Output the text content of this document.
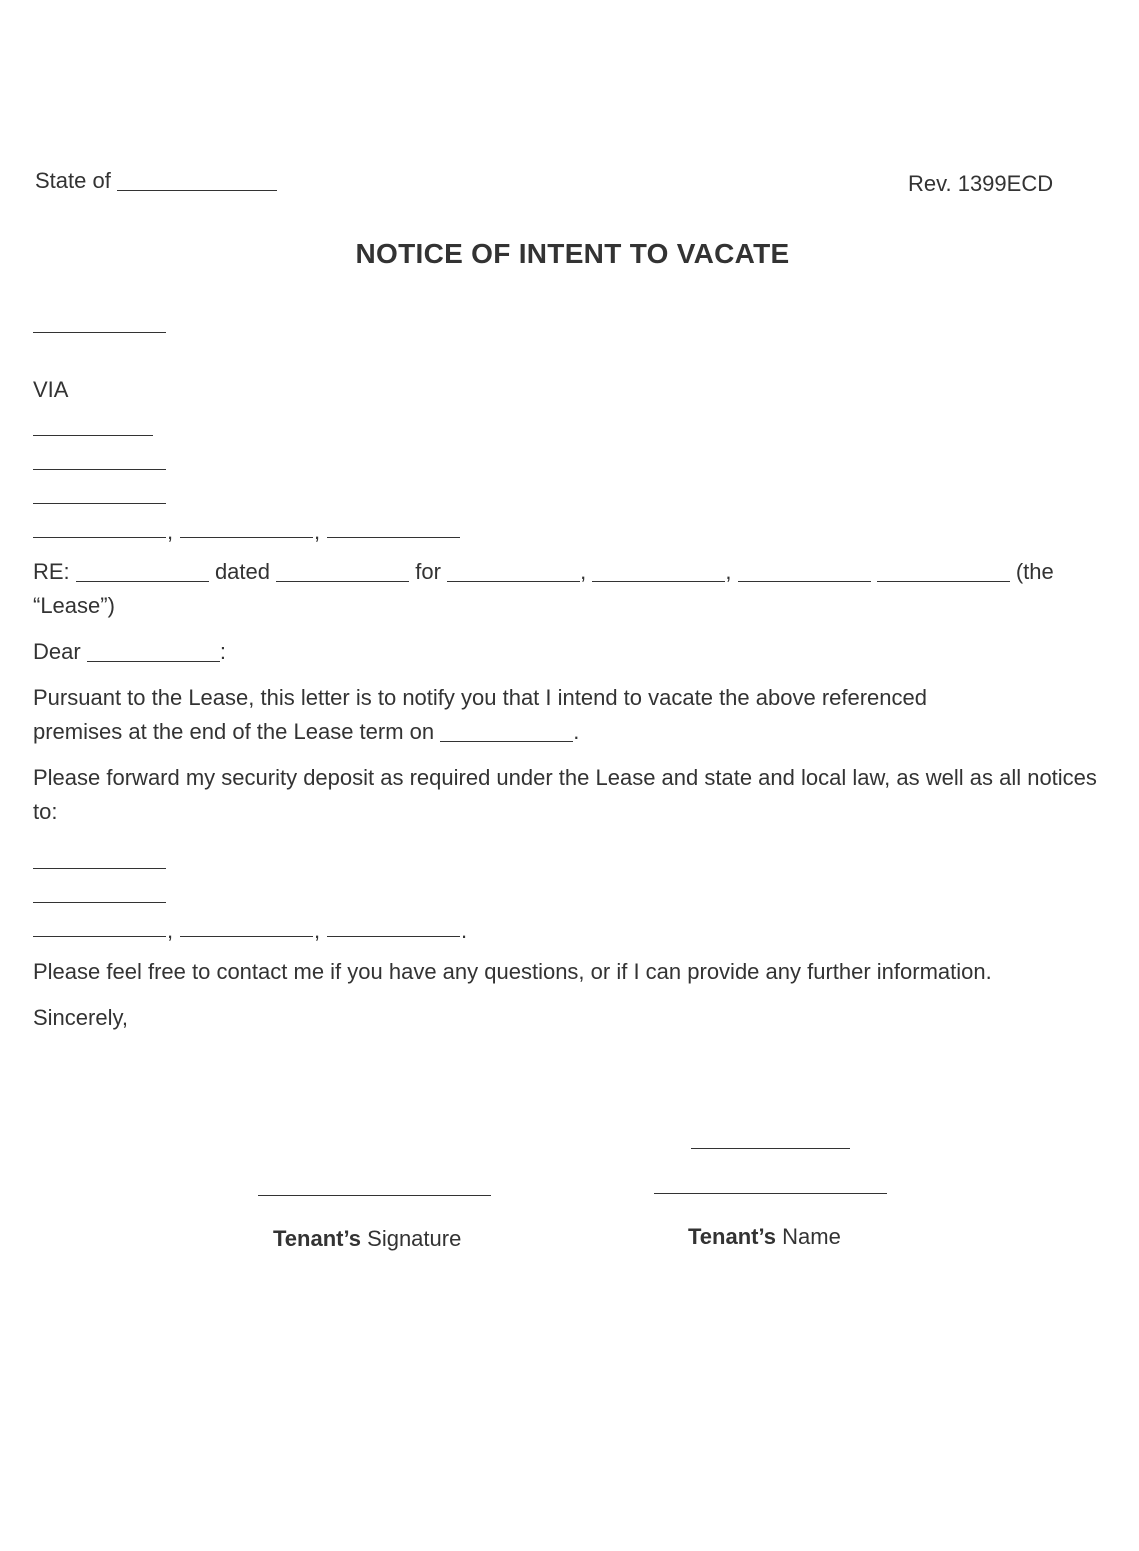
State of	Rev. 1399ECD
NOTICE OF INTENT TO VACATE
VIA
,	,
RE:	dated	for	,	,	(the
“Lease”)
Dear	:
Pursuant to the Lease, this letter is to notify you that I intend to vacate the above referenced
premises at the end of the Lease term on	.
Please forward my security deposit as required under the Lease and state and local law, as well as all notices to:
,	,	.
Please feel free to contact me if you have any questions, or if I can provide any further information.
Sincerely,
Tenant’s Signature	Tenant’s Name
